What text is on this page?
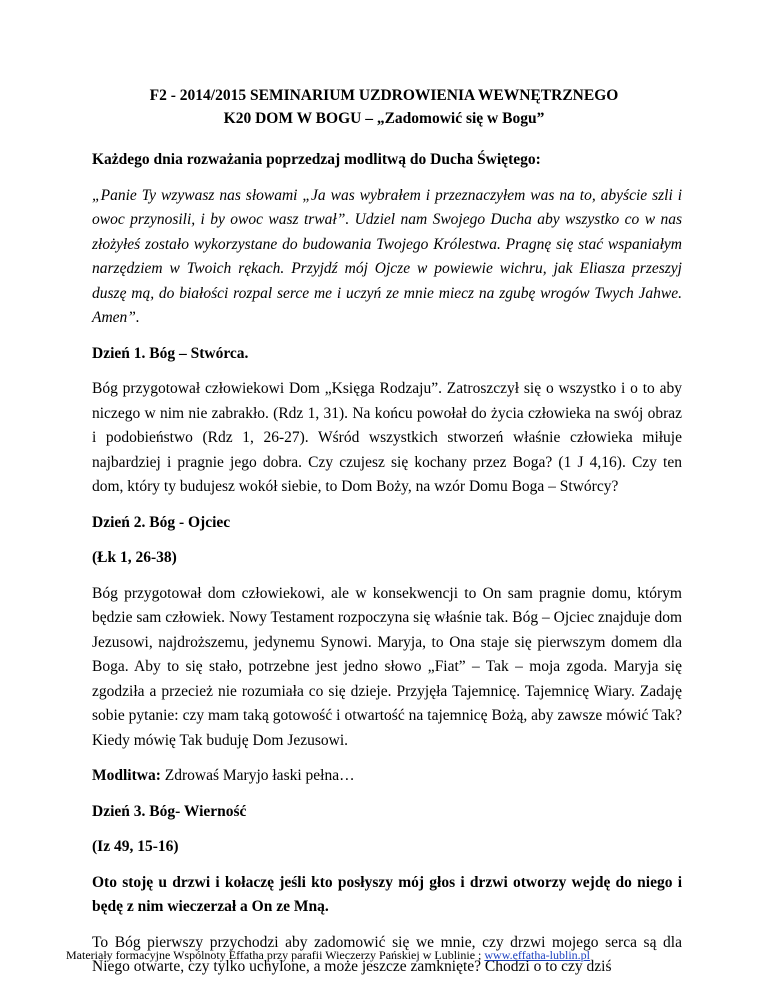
F2 - 2014/2015 SEMINARIUM UZDROWIENIA WEWNĘTRZNEGO
K20 DOM W BOGU – „Zadomowić się w Bogu”

Każdego dnia rozważania poprzedzaj modlitwą do Ducha Świętego:

„Panie Ty wzywasz nas słowami „Ja was wybrałem i przeznaczyłem was na to, abyście szli i owoc przynosili, i by owoc wasz trwał”. Udziel nam Swojego Ducha aby wszystko co w nas złożyłeś zostało wykorzystane do budowania Twojego Królestwa. Pragnę się stać wspaniałym narzędziem w Twoich rękach. Przyjdź mój Ojcze w powiewie wichru, jak Eliasza przeszyj duszę mą, do białości rozpal serce me i uczyń ze mnie miecz na zgubę wrogów Twych Jahwe. Amen”.

Dzień 1. Bóg – Stwórca.

Bóg przygotował człowiekowi Dom „Księga Rodzaju”. Zatroszczył się o wszystko i o to aby niczego w nim nie zabrakło. (Rdz 1, 31). Na końcu powołał do życia człowieka na swój obraz i podobieństwo (Rdz 1, 26-27). Wśród wszystkich stworzeń właśnie człowieka miłuje najbardziej i pragnie jego dobra. Czy czujesz się kochany przez Boga? (1 J 4,16). Czy ten dom, który ty budujesz wokół siebie, to Dom Boży, na wzór Domu Boga – Stwórcy?

Dzień 2. Bóg - Ojciec

(Łk 1, 26-38)

Bóg przygotował dom człowiekowi, ale w konsekwencji to On sam pragnie domu, którym będzie sam człowiek. Nowy Testament rozpoczyna się właśnie tak. Bóg – Ojciec znajduje dom Jezusowi, najdroższemu, jedynemu Synowi. Maryja, to Ona staje się pierwszym domem dla Boga. Aby to się stało, potrzebne jest jedno słowo „Fiat” – Tak – moja zgoda. Maryja się zgodziła a przecież nie rozumiała co się dzieje. Przyjęła Tajemnicę. Tajemnicę Wiary. Zadaję sobie pytanie: czy mam taką gotowość i otwartość na tajemnicę Bożą, aby zawsze mówić Tak? Kiedy mówię Tak buduję Dom Jezusowi.

Modlitwa: Zdrowaś Maryjo łaski pełna…

Dzień 3. Bóg- Wierność

(Iz 49, 15-16)

Oto stoję u drzwi i kołaczę jeśli kto posłyszy mój głos i drzwi otworzy wejdę do niego i będę z nim wieczerzał a On ze Mną.

To Bóg pierwszy przychodzi aby zadomowić się we mnie, czy drzwi mojego serca są dla Niego otwarte, czy tylko uchylone, a może jeszcze zamknięte? Chodzi o to czy dziś

Materiały formacyjne Wspólnoty Effatha przy parafii Wieczerzy Pańskiej w Lublinie ; www.effatha-lublin.pl
